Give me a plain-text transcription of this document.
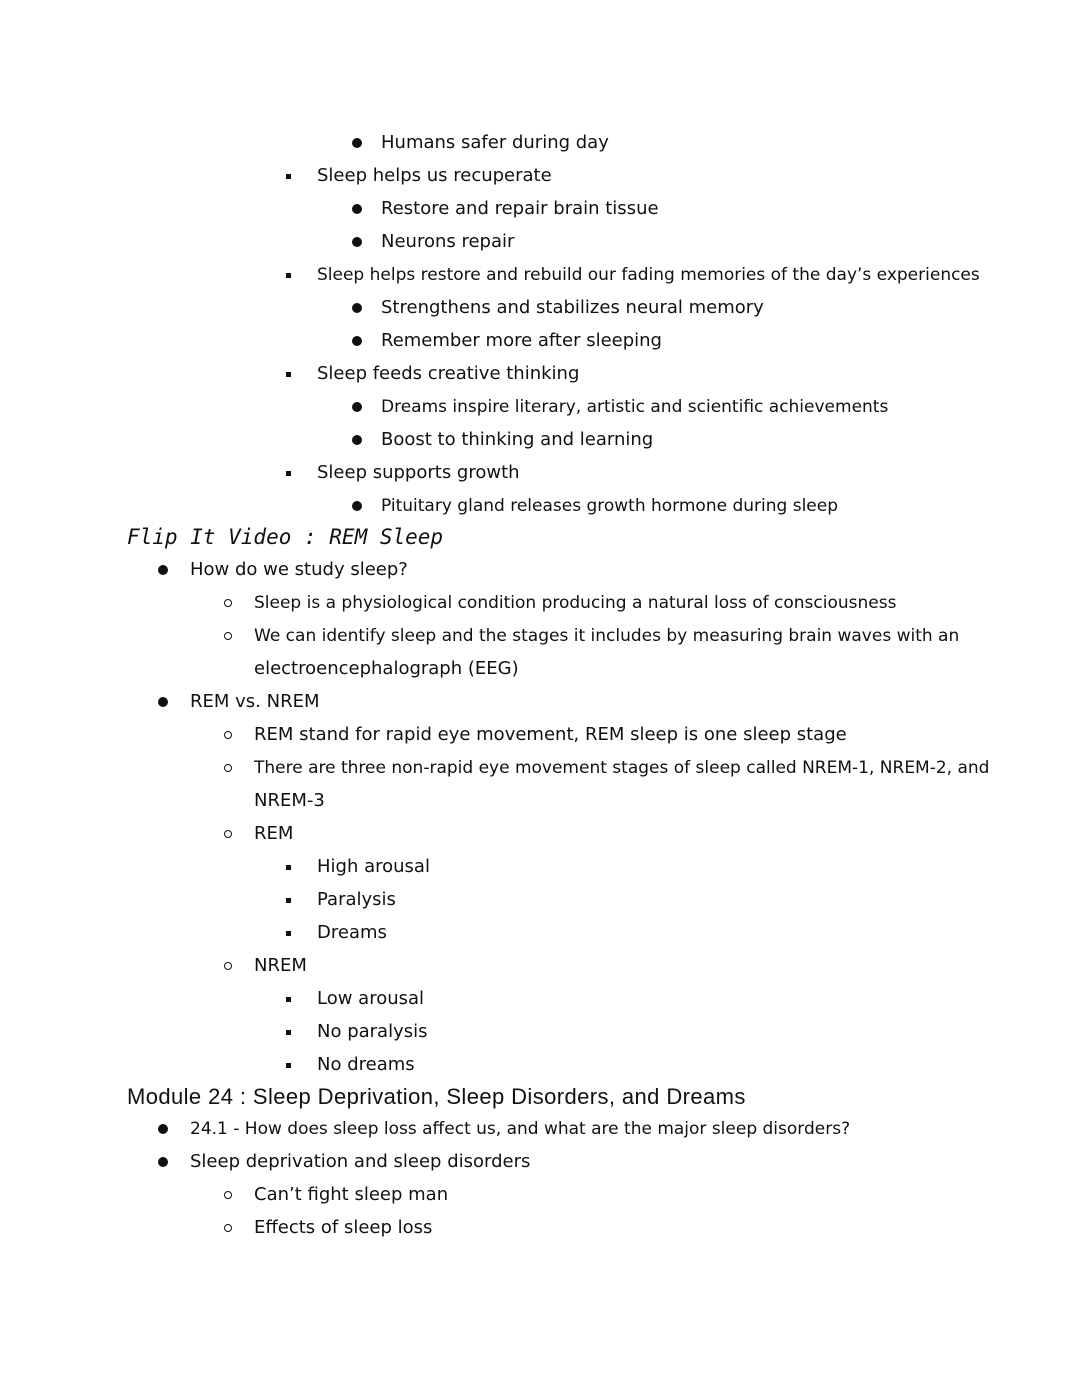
Humans safer during day
Sleep helps us recuperate
Restore and repair brain tissue
Neurons repair
Sleep helps restore and rebuild our fading memories of the day’s experiences
Strengthens and stabilizes neural memory
Remember more after sleeping
Sleep feeds creative thinking
Dreams inspire literary, artistic and scientific achievements
Boost to thinking and learning
Sleep supports growth
Pituitary gland releases growth hormone during sleep
Flip It Video : REM Sleep
How do we study sleep?
Sleep is a physiological condition producing a natural loss of consciousness
We can identify sleep and the stages it includes by measuring brain waves with an
electroencephalograph (EEG)
REM vs. NREM
REM stand for rapid eye movement, REM sleep is one sleep stage
There are three non-rapid eye movement stages of sleep called NREM-1, NREM-2, and
NREM-3
REM
High arousal
Paralysis
Dreams
NREM
Low arousal
No paralysis
No dreams
Module 24 : Sleep Deprivation, Sleep Disorders, and Dreams
24.1 - How does sleep loss affect us, and what are the major sleep disorders?
Sleep deprivation and sleep disorders
Can’t fight sleep man
Effects of sleep loss
